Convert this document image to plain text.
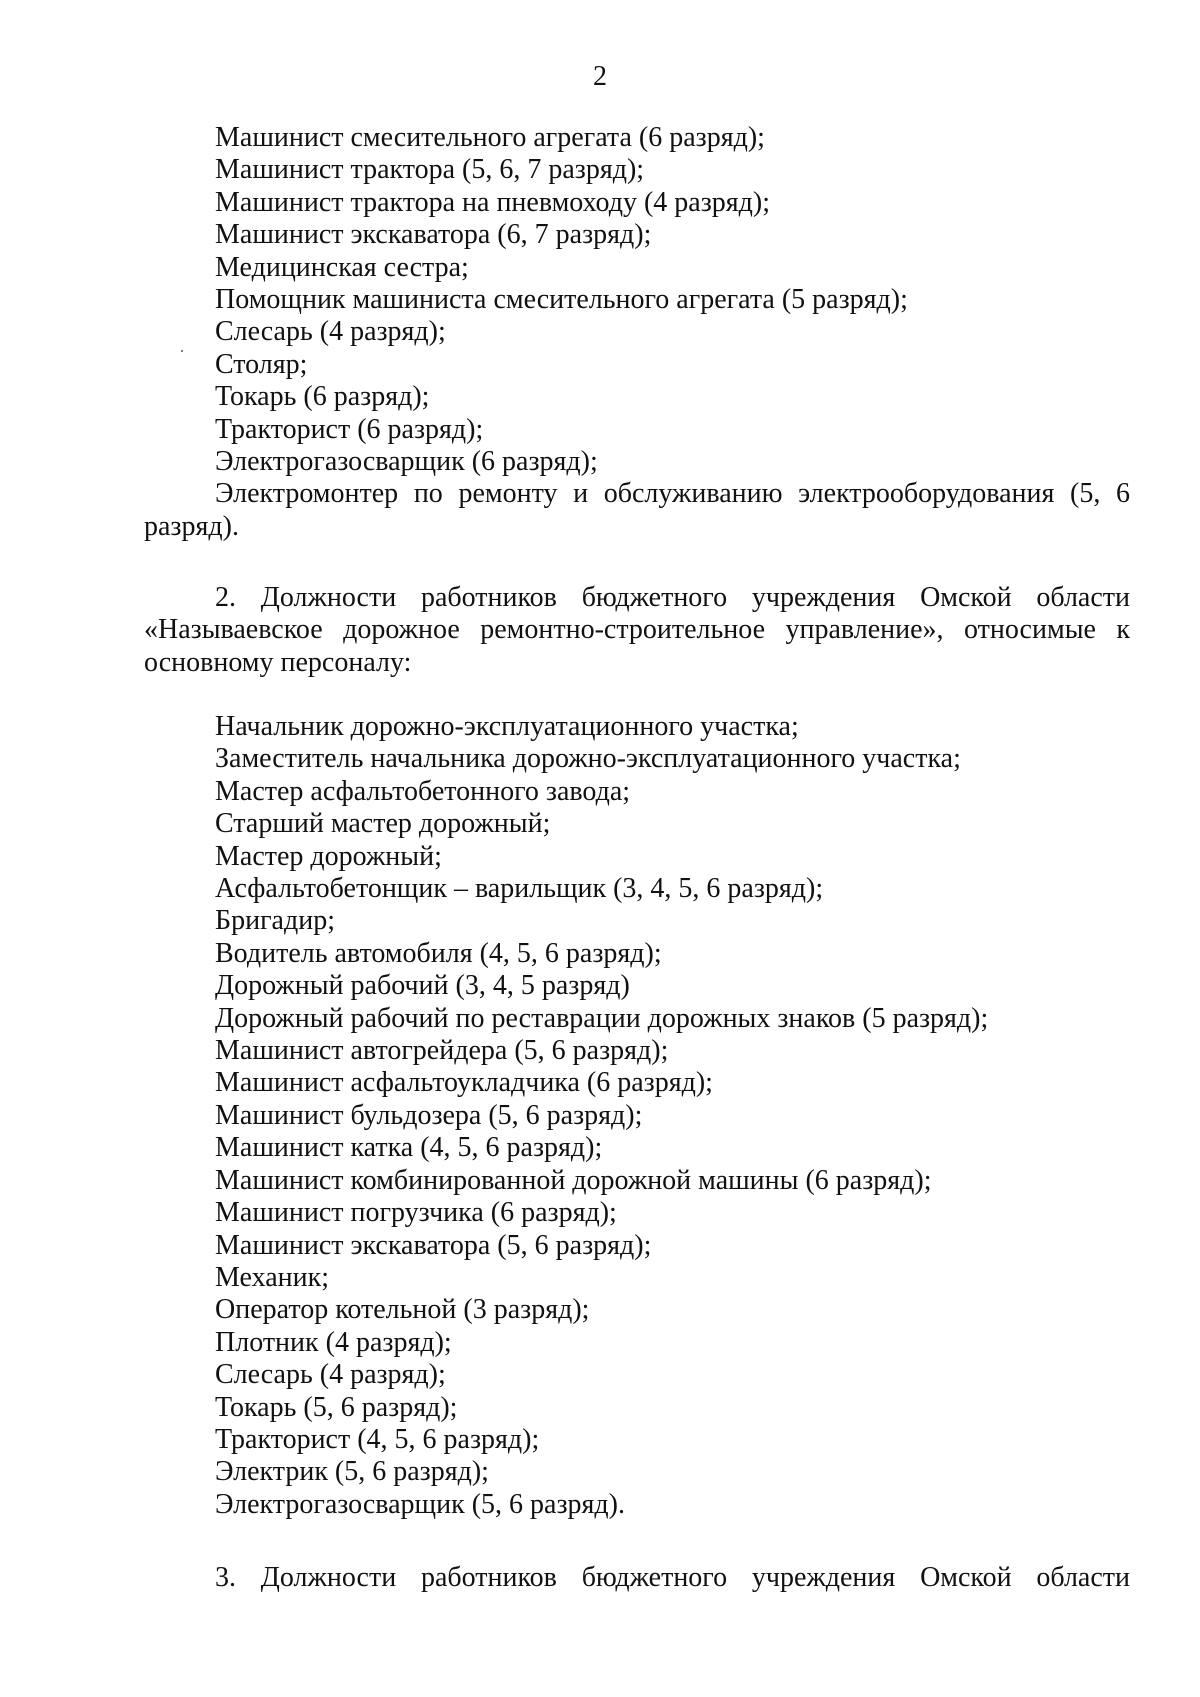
2
Машинист смесительного агрегата (6 разряд);
Машинист трактора (5, 6, 7 разряд);
Машинист трактора на пневмоходу (4 разряд);
Машинист экскаватора (6, 7 разряд);
Медицинская сестра;
Помощник машиниста смесительного агрегата (5 разряд);
Слесарь (4 разряд);
Столяр;
Токарь (6 разряд);
Тракторист (6 разряд);
Электрогазосварщик (6 разряд);
Электромонтер по ремонту и обслуживанию электрооборудования (5, 6 разряд).
2. Должности работников бюджетного учреждения Омской области «Называевское дорожное ремонтно-строительное управление», относимые к основному персоналу:
Начальник дорожно-эксплуатационного участка;
Заместитель начальника дорожно-эксплуатационного участка;
Мастер асфальтобетонного завода;
Старший мастер дорожный;
Мастер дорожный;
Асфальтобетонщик – варильщик (3, 4, 5, 6 разряд);
Бригадир;
Водитель автомобиля (4, 5, 6 разряд);
Дорожный рабочий (3, 4, 5 разряд)
Дорожный рабочий по реставрации дорожных знаков (5 разряд);
Машинист автогрейдера (5, 6 разряд);
Машинист асфальтоукладчика (6 разряд);
Машинист бульдозера (5, 6 разряд);
Машинист катка (4, 5, 6 разряд);
Машинист комбинированной дорожной машины (6 разряд);
Машинист погрузчика (6 разряд);
Машинист экскаватора (5, 6 разряд);
Механик;
Оператор котельной (3 разряд);
Плотник (4 разряд);
Слесарь (4 разряд);
Токарь (5, 6 разряд);
Тракторист (4, 5, 6 разряд);
Электрик (5, 6 разряд);
Электрогазосварщик (5, 6 разряд).
3. Должности работников бюджетного учреждения Омской области
